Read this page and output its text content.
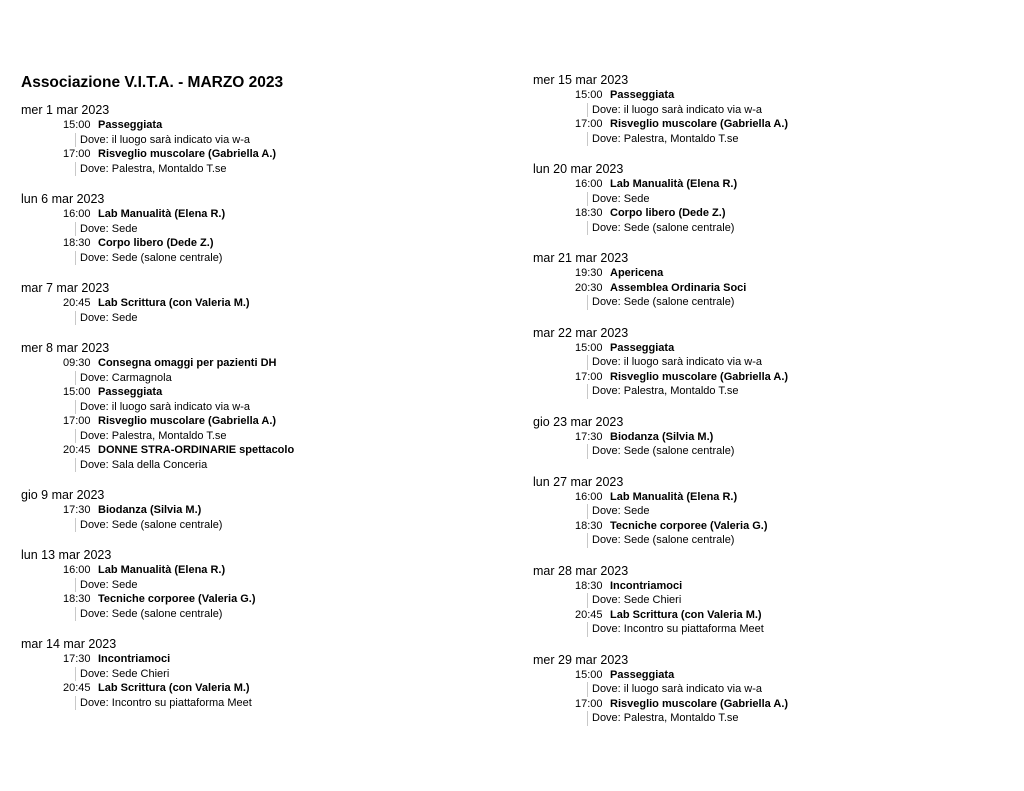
Associazione V.I.T.A. - MARZO 2023
mer 1 mar 2023
15:00 Passeggiata
Dove: il luogo sarà indicato via w-a
17:00 Risveglio muscolare (Gabriella A.)
Dove: Palestra, Montaldo T.se
lun 6 mar 2023
16:00 Lab Manualità (Elena R.)
Dove: Sede
18:30 Corpo libero (Dede Z.)
Dove: Sede (salone centrale)
mar 7 mar 2023
20:45 Lab Scrittura (con Valeria M.)
Dove: Sede
mer 8 mar 2023
09:30 Consegna omaggi per pazienti DH
Dove: Carmagnola
15:00 Passeggiata
Dove: il luogo sarà indicato via w-a
17:00 Risveglio muscolare (Gabriella A.)
Dove: Palestra, Montaldo T.se
20:45 DONNE STRA-ORDINARIE spettacolo
Dove: Sala della Conceria
gio 9 mar 2023
17:30 Biodanza (Silvia M.)
Dove: Sede (salone centrale)
lun 13 mar 2023
16:00 Lab Manualità (Elena R.)
Dove: Sede
18:30 Tecniche corporee (Valeria G.)
Dove: Sede (salone centrale)
mar 14 mar 2023
17:30 Incontriamoci
Dove: Sede Chieri
20:45 Lab Scrittura (con Valeria M.)
Dove: Incontro su piattaforma Meet
mer 15 mar 2023
15:00 Passeggiata
Dove: il luogo sarà indicato via w-a
17:00 Risveglio muscolare (Gabriella A.)
Dove: Palestra, Montaldo T.se
lun 20 mar 2023
16:00 Lab Manualità (Elena R.)
Dove: Sede
18:30 Corpo libero (Dede Z.)
Dove: Sede (salone centrale)
mar 21 mar 2023
19:30 Apericena
20:30 Assemblea Ordinaria Soci
Dove: Sede (salone centrale)
mar 22 mar 2023
15:00 Passeggiata
Dove: il luogo sarà indicato via w-a
17:00 Risveglio muscolare (Gabriella A.)
Dove: Palestra, Montaldo T.se
gio 23 mar 2023
17:30 Biodanza (Silvia M.)
Dove: Sede (salone centrale)
lun 27 mar 2023
16:00 Lab Manualità (Elena R.)
Dove: Sede
18:30 Tecniche corporee (Valeria G.)
Dove: Sede (salone centrale)
mar 28 mar 2023
18:30 Incontriamoci
Dove: Sede Chieri
20:45 Lab Scrittura (con Valeria M.)
Dove: Incontro su piattaforma Meet
mer 29 mar 2023
15:00 Passeggiata
Dove: il luogo sarà indicato via w-a
17:00 Risveglio muscolare (Gabriella A.)
Dove: Palestra, Montaldo T.se
